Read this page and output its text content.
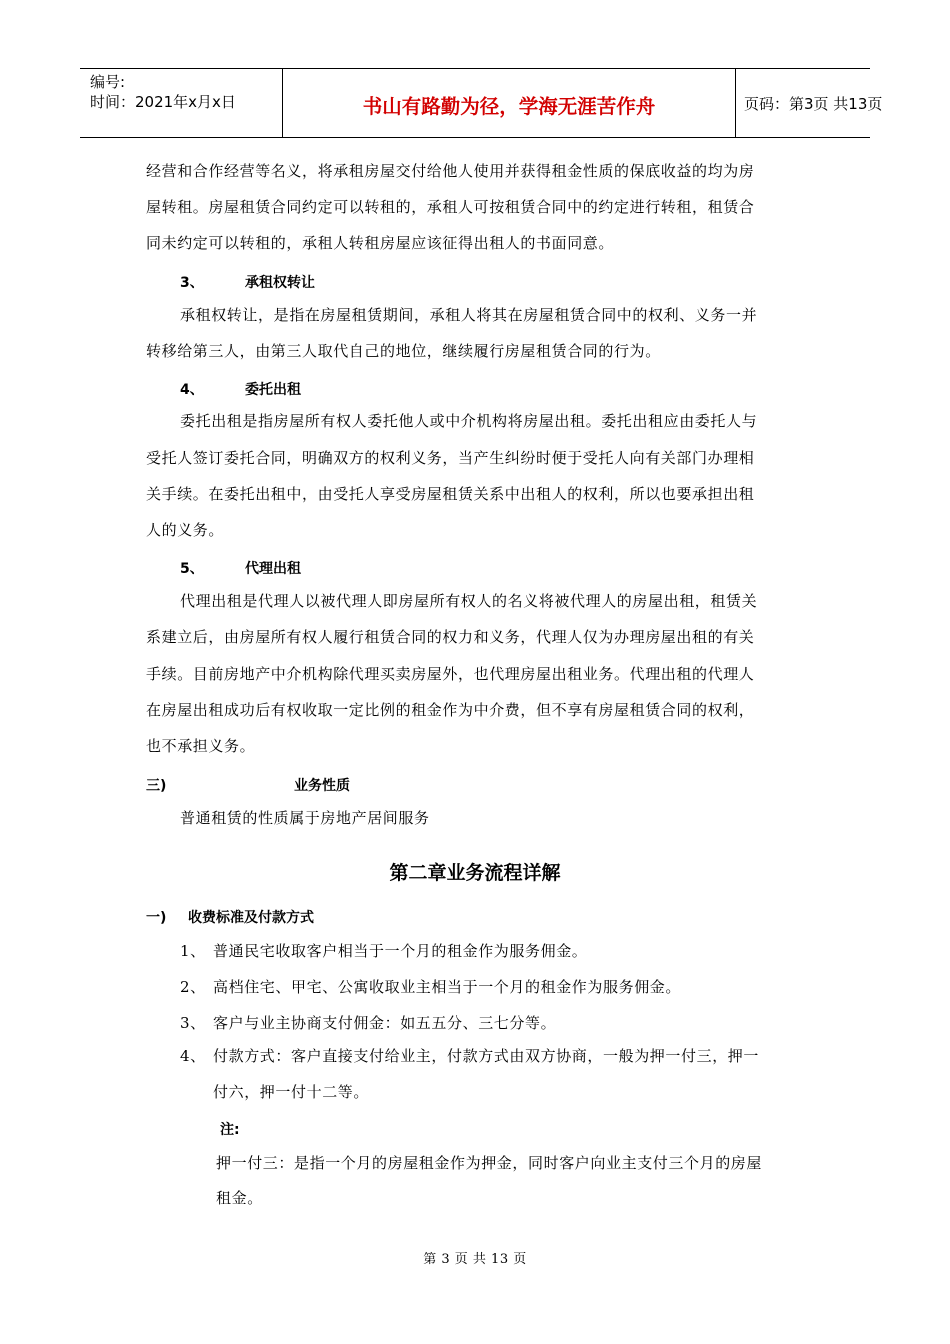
编号:
时间：2021年x月x日	书山有路勤为径，学海无涯苦作舟	页码：第3页 共13页
经营和合作经营等名义，将承租房屋交付给他人使用并获得租金性质的保底收益的均为房
屋转租。房屋租赁合同约定可以转租的，承租人可按租赁合同中的约定进行转租，租赁合
同未约定可以转租的，承租人转租房屋应该征得出租人的书面同意。
3、	承租权转让
承租权转让，是指在房屋租赁期间，承租人将其在房屋租赁合同中的权利、义务一并
转移给第三人，由第三人取代自己的地位，继续履行房屋租赁合同的行为。
4、	委托出租
委托出租是指房屋所有权人委托他人或中介机构将房屋出租。委托出租应由委托人与
受托人签订委托合同，明确双方的权利义务，当产生纠纷时便于受托人向有关部门办理相
关手续。在委托出租中，由受托人享受房屋租赁关系中出租人的权利，所以也要承担出租
人的义务。
5、	代理出租
代理出租是代理人以被代理人即房屋所有权人的名义将被代理人的房屋出租，租赁关
系建立后，由房屋所有权人履行租赁合同的权力和义务，代理人仅为办理房屋出租的有关
手续。目前房地产中介机构除代理买卖房屋外，也代理房屋出租业务。代理出租的代理人
在房屋出租成功后有权收取一定比例的租金作为中介费，但不享有房屋租赁合同的权利，
也不承担义务。
三)	业务性质
普通租赁的性质属于房地产居间服务
第二章业务流程详解
一) 收费标准及付款方式
1、 普通民宅收取客户相当于一个月的租金作为服务佣金。
2、 高档住宅、甲宅、公寓收取业主相当于一个月的租金作为服务佣金。
3、 客户与业主协商支付佣金：如五五分、三七分等。
4、 付款方式：客户直接支付给业主，付款方式由双方协商，一般为押一付三，押一
付六，押一付十二等。
注:
押一付三：是指一个月的房屋租金作为押金，同时客户向业主支付三个月的房屋
租金。
第 3 页 共 13 页
